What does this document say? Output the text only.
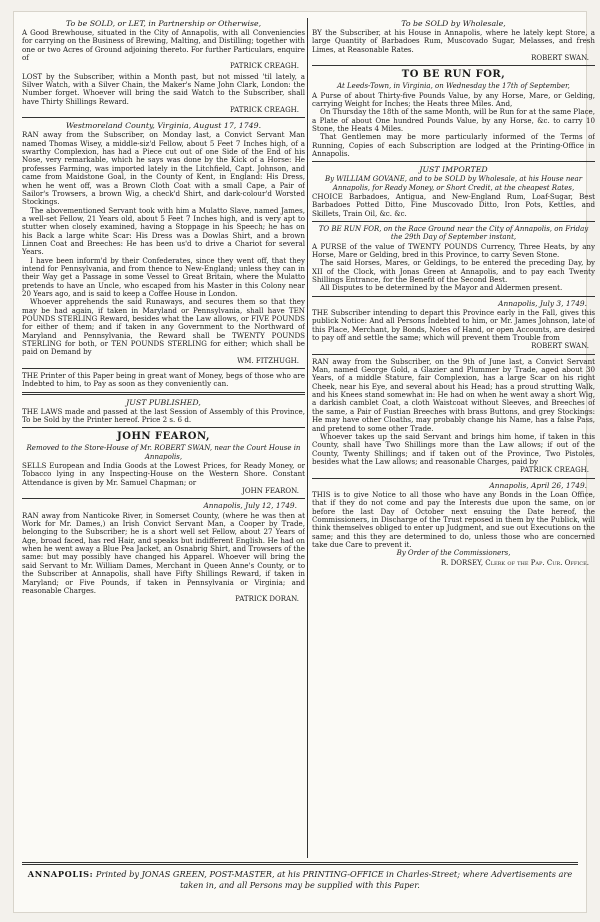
To be SOLD, or LET, in Partnership or Otherwise,

A Good Brewhouse, situated in the City of Annapolis, with all Conveniencies for carrying on the Business of Brewing, Malting, and Distilling; together with one or two Acres of Ground adjoining thereto. For further Particulars, enquire of

PATRICK CREAGH.

LOST by the Subscriber, within a Month past, but not missed 'til lately, a Silver Watch, with a Silver Chain, the Maker's Name John Clark, London: the Number forget. Whoever will bring the said Watch to the Subscriber, shall have Thirty Shillings Reward.

PATRICK CREAGH.
Westmoreland County, Virginia, August 17, 1749.

RAN away from the Subscriber, on Monday last, a Convict Servant Man named Thomas Wisey, a middle-siz'd Fellow, about 5 Feet 7 Inches high, of a swarthy Complexion, has had a Piece cut out of one Side of the End of his Nose, very remarkable, which he says was done by the Kick of a Horse: He professes Farming, was imported lately in the Litchfield, Capt. Johnson, and came from Maidstone Goal, in the County of Kent, in England: His Dress, when he went off, was a Brown Cloth Coat with a small Cape, a Pair of Sailor's Trowsers, a brown Wig, a check'd Shirt, and dark-colour'd Worsted Stockings.

The abovementioned Servant took with him a Mulatto Slave, named James, a well-set Fellow, 21 Years old, about 5 Feet 7 Inches high, and is very apt to stutter when closely examined, having a Stoppage in his Speech; he has on his Back a large white Scar: His Dress was a Dowlas Shirt, and a brown Linnen Coat and Breeches: He has been us'd to drive a Chariot for several Years.

I have been inform'd by their Confederates, since they went off, that they intend for Pennsylvania, and from thence to New-England; unless they can in their Way get a Passage in some Vessel to Great Britain, where the Mulatto pretends to have an Uncle, who escaped from his Master in this Colony near 20 Years ago, and is said to keep a Coffee House in London.

Whoever apprehends the said Runaways, and secures them so that they may be had again, if taken in Maryland or Pennsylvania, shall have TEN POUNDS STERLING Reward, besides what the Law allows, or FIVE POUNDS for either of them; and if taken in any Government to the Northward of Maryland and Pennsylvania, the Reward shall be TWENTY POUNDS STERLING for both, or TEN POUNDS STERLING for either; which shall be paid on Demand by

WM. FITZHUGH.

THE Printer of this Paper being in great want of Money, begs of those who are Indebted to him, to Pay as soon as they conveniently can.

JUST PUBLISHED,

THE LAWS made and passed at the last Session of Assembly of this Province, To be Sold by the Printer hereof. Price 2 s. 6 d.

JOHN FEARON,
Removed to the Store-House of Mr. ROBERT SWAN, near the Court House in Annapolis,

SELLS European and India Goods at the Lowest Prices, for Ready Money, or Tobacco lying in any Inspecting-House on the Western Shore. Constant Attendance is given by Mr. Samuel Chapman; or

JOHN FEARON.
Annapolis, July 12, 1749.

RAN away from Nanticoke River, in Somerset County, (where he was then at Work for Mr. Dames,) an Irish Convict Servant Man, a Cooper by Trade, belonging to the Subscriber; he is a short well set Fellow, about 27 Years of Age, broad faced, has red Hair, and speaks but indifferent English. He had on when he went away a Blue Pea Jacket, an Osnabrig Shirt, and Trowsers of the same: but may possibly have changed his Apparel. Whoever will bring the said Servant to Mr. William Dames, Merchant in Queen Anne's County, or to the Subscriber at Annapolis, shall have Fifty Shillings Reward, if taken in Maryland; or Five Pounds, if taken in Pennsylvania or Virginia; and reasonable Charges.

PATRICK DORAN.
To be SOLD by Wholesale,

BY the Subscriber, at his House in Annapolis, where he lately kept Store, a large Quantity of Barbadoes Rum, Muscovado Sugar, Melasses, and fresh Limes, at Reasonable Rates.

ROBERT SWAN.
TO BE RUN FOR,
At Leeds-Town, in Virginia, on Wednesday the 17th of September,

A Purse of about Thirty-five Pounds Value, by any Horse, Mare, or Gelding, carrying Weight for Inches; the Heats three Miles. And,

On Thursday the 18th of the same Month, will be Run for at the same Place, a Plate of about One hundred Pounds Value, by any Horse, &c. to carry 10 Stone, the Heats 4 Miles.

That Gentlemen may be more particularly informed of the Terms of Running, Copies of each Subscription are lodged at the Printing-Office in Annapolis.

JUST IMPORTED
By WILLIAM GOVANE, and to be SOLD by Wholesale, at his House near Annapolis, for Ready Money, or Short Credit, at the cheapest Rates,

CHOICE Barbadoes, Antigua, and New-England Rum, Loaf-Sugar, Best Barbadoes Potted Ditto, Fine Muscovado Ditto, Iron Pots, Kettles, and Skillets, Train Oil, &c. &c.

TO BE RUN FOR, on the Race Ground near the City of Annapolis, on Friday the 29th Day of September instant,

A PURSE of the value of TWENTY POUNDS Currency, Three Heats, by any Horse, Mare or Gelding, bred in this Province, to carry Seven Stone.

The said Horses, Mares, or Geldings, to be entered the preceding Day, by XII of the Clock, with Jonas Green at Annapolis, and to pay each Twenty Shillings Entrance, for the Benefit of the Second Best.

All Disputes to be determined by the Mayor and Aldermen present.

Annapolis, July 3, 1749.

THE Subscriber intending to depart this Province early in the Fall, gives this publick Notice: And all Persons Indebted to him, or Mr. James Johnson, late of this Place, Merchant, by Bonds, Notes of Hand, or open Accounts, are desired to pay off and settle the same; which will prevent them Trouble from

ROBERT SWAN.

RAN away from the Subscriber, on the 9th of June last, a Convict Servant Man, named George Gold, a Glazier and Plummer by Trade, aged about 30 Years, of a middle Stature, fair Complexion, has a large Scar on his right Cheek, near his Eye, and several about his Head; has a proud strutting Walk, and his Knees stand somewhat in: He had on when he went away a short Wig, a darkish camblet Coat, a cloth Waistcoat without Sleeves, and Breeches of the same, a Pair of Fustian Breeches with brass Buttons, and grey Stockings: He may have other Cloaths, may probably change his Name, has a false Pass, and pretend to some other Trade.

Whoever takes up the said Servant and brings him home, if taken in this County, shall have Two Shillings more than the Law allows; if out of the County, Twenty Shillings; and if taken out of the Province, Two Pistoles, besides what the Law allows; and reasonable Charges, paid by

PATRICK CREAGH.
Annapolis, April 26, 1749.

THIS is to give Notice to all those who have any Bonds in the Loan Office, that if they do not come and pay the Interests due upon the same, on or before the last Day of October next ensuing the Date hereof, the Commissioners, in Discharge of the Trust reposed in them by the Publick, will think themselves obliged to enter up Judgment, and sue out Executions on the same; and this they are determined to do, unless those who are concerned take due Care to prevent it.

By Order of the Commissioners,
R. DORSEY, Clerk of the Pap. Cur. Office.
ANNAPOLIS: Printed by JONAS GREEN, POST-MASTER, at his PRINTING-OFFICE in Charles-Street; where Advertisements are taken in, and all Persons may be supplied with this Paper.
